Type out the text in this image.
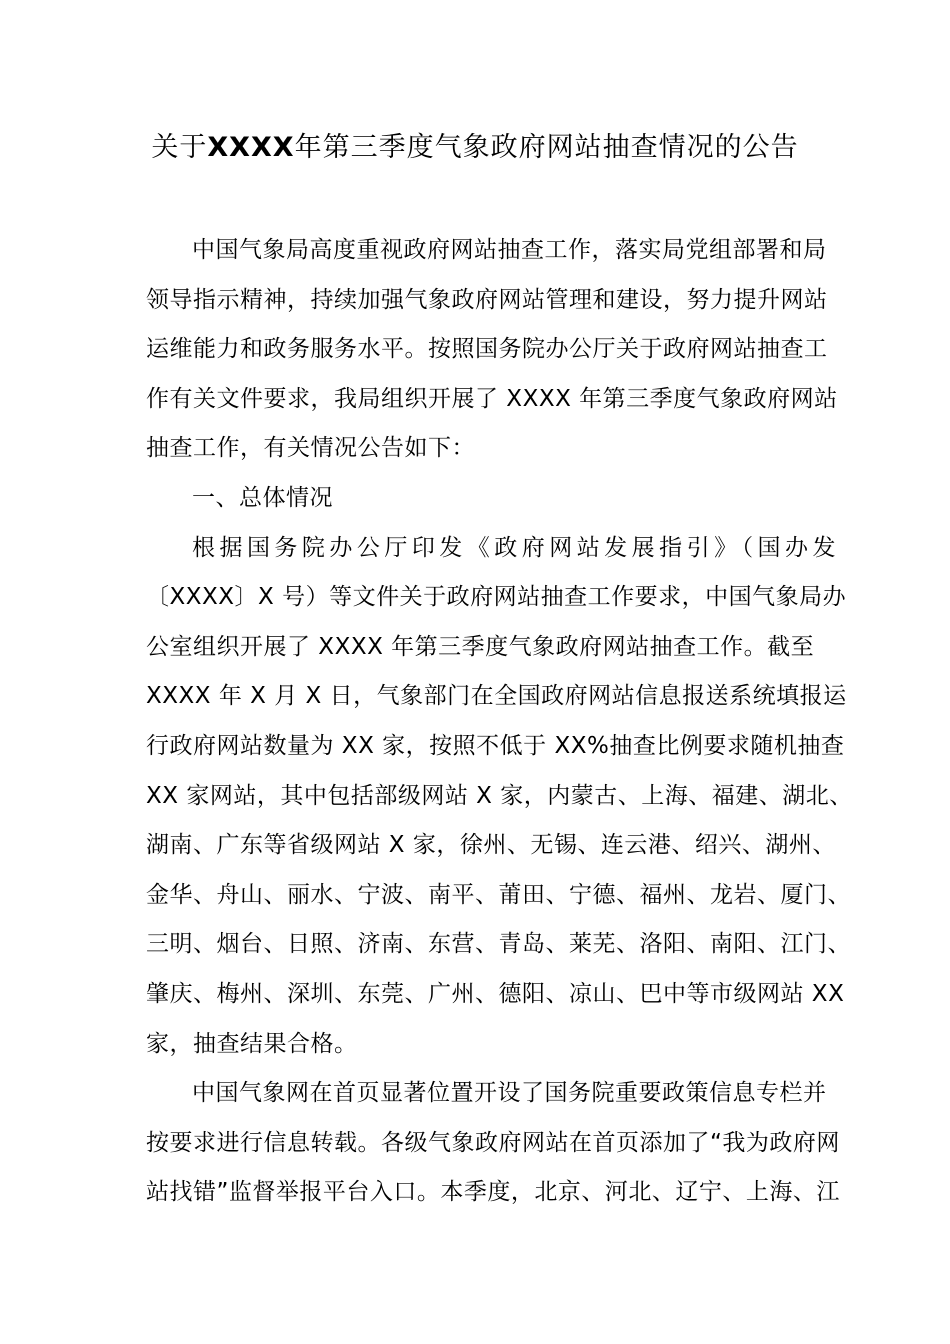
关于XXXX年第三季度气象政府网站抽查情况的公告
中国气象局高度重视政府网站抽查工作，落实局党组部署和局
领导指示精神，持续加强气象政府网站管理和建设，努力提升网站
运维能力和政务服务水平。按照国务院办公厅关于政府网站抽查工
作有关文件要求，我局组织开展了 XXXX 年第三季度气象政府网站
抽查工作，有关情况公告如下：
一、总体情况
根据国务院办公厅印发《政府网站发展指引》（国办发
〔XXXX〕X 号）等文件关于政府网站抽查工作要求，中国气象局办
公室组织开展了 XXXX 年第三季度气象政府网站抽查工作。截至
XXXX 年 X 月 X 日，气象部门在全国政府网站信息报送系统填报运
行政府网站数量为 XX 家，按照不低于 XX%抽查比例要求随机抽查
XX 家网站，其中包括部级网站 X 家，内蒙古、上海、福建、湖北、
湖南、广东等省级网站 X 家，徐州、无锡、连云港、绍兴、湖州、
金华、舟山、丽水、宁波、南平、莆田、宁德、福州、龙岩、厦门、
三明、烟台、日照、济南、东营、青岛、莱芜、洛阳、南阳、江门、
肇庆、梅州、深圳、东莞、广州、德阳、凉山、巴中等市级网站 XX
家，抽查结果合格。
中国气象网在首页显著位置开设了国务院重要政策信息专栏并
按要求进行信息转载。各级气象政府网站在首页添加了“我为政府网
站找错”监督举报平台入口。本季度，北京、河北、辽宁、上海、江
